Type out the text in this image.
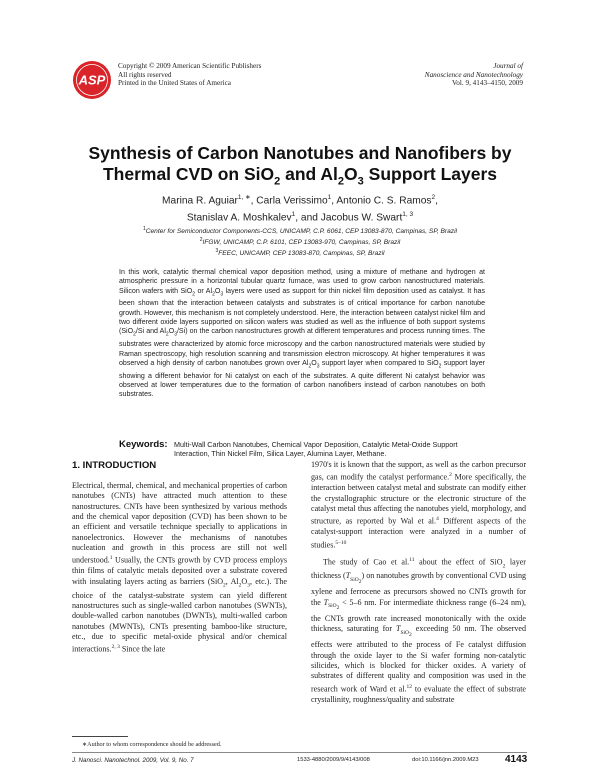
ASP
Copyright © 2009 American Scientific Publishers
All rights reserved
Printed in the United States of America
Journal of
Nanoscience and Nanotechnology
Vol. 9, 4143–4150, 2009
Synthesis of Carbon Nanotubes and Nanofibers by
Thermal CVD on SiO$_2$ and $Al_2O_3$ Support Layers
Marina R. Aguiar$^{1, ∗}$, Carla Verissimo$^1$, Antonio C. S. Ramos$^2$,
Stanislav A. Moshkalev$^1$, and Jacobus W. Swart$^{1, 3}$
$^1$Center for Semiconductor Components-CCS, UNICAMP, C.P. 6061, CEP 13083-870, Campinas, SP, Brazil
$^2$IFGW, UNICAMP, C.P. 6101, CEP 13083-970, Campinas, SP, Brazil
$^3$FEEC, UNICAMP, CEP 13083-870, Campinas, SP, Brazil
In this work, catalytic thermal chemical vapor deposition method, using a mixture of methane and hydrogen at atmospheric pressure in a horizontal tubular quartz furnace, was used to grow carbon nanostructured materials. Silicon wafers with SiO$_2$ or $Al_2O_3$ layers were used as support for thin nickel film deposition used as catalyst. It has been shown that the interaction between catalysts and substrates is of critical importance for carbon nanotube growth. However, this mechanism is not completely understood. Here, the interaction between catalyst nickel film and two different oxide layers supported on silicon wafers was studied as well as the influence of both support systems (SiO$_2$/Si and $Al_2O_3/Si$) on the carbon nanostructures growth at different temperatures and process running times. The substrates were characterized by atomic force microscopy and the carbon nanostructured materials were studied by Raman spectroscopy, high resolution scanning and transmission electron microscopy. At higher temperatures it was observed a high density of carbon nanotubes grown over $Al_2O_3$ support layer when compared to SiO$_2$ support layer showing a different behavior for Ni catalyst on each of the substrates. A quite different Ni catalyst behavior was observed at lower temperatures due to the formation of carbon nanofibers instead of carbon nanotubes on both substrates.
Keywords: Multi-Wall Carbon Nanotubes, Chemical Vapor Deposition, Catalytic Metal-Oxide Support Interaction, Thin Nickel Film, Silica Layer, Alumina Layer, Methane.
1. INTRODUCTION

Electrical, thermal, chemical, and mechanical properties of carbon nanotubes (CNTs) have attracted much attention to these nanostructures. CNTs have been synthesized by various methods and the chemical vapor deposition (CVD) has been shown to be an efficient and versatile technique specially to applications in nanoelectronics. However the mechanisms of nanotubes nucleation and growth in this process are still not well understood.$^1$ Usually, the CNTs growth by CVD process employs thin films of catalytic metals deposited over a substrate covered with insulating layers acting as barriers (SiO$_2$, $Al_2O_3$, etc.). The choice of the catalyst-substrate system can yield different nanostructures such as single-walled carbon nanotubes (SWNTs), double-walled carbon nanotubes (DWNTs), multi-walled carbon nanotubes (MWNTs), CNTs presenting bamboo-like structure, etc., due to specific metal-oxide physical and/or chemical interactions.$^{2, 3}$ Since the late

1970's it is known that the support, as well as the carbon precursor gas, can modify the catalyst performance.$^2$ More specifically, the interaction between catalyst metal and substrate can modify either the crystallographic structure or the electronic structure of the catalyst metal thus affecting the nanotubes yield, morphology, and structure, as reported by Wal et al.$^4$ Different aspects of the catalyst-support interaction were analyzed in a number of studies.$^{5-10}$

The study of Cao et al.$^{11}$ about the effect of SiO$_2$ layer thickness $(T_{SiO_2})$ on nanotubes growth by conventional CVD using xylene and ferrocene as precursors showed no CNTs growth for the $T_{SiO_2} < 5-6$ nm. For intermediate thickness range (6–24 nm), the CNTs growth rate increased monotonically with the oxide thickness, saturating for $T_{SiO_2}$ exceeding 50 nm. The observed effects were attributed to the process of Fe catalyst diffusion through the oxide layer to the Si wafer forming non-catalytic silicides, which is blocked for thicker oxides. A variety of substrates of different quality and composition was used in the research work of Ward et al.$^{12}$ to evaluate the effect of substrate crystallinity, roughness/quality and substrate

∗Author to whom correspondence should be addressed.
J. Nanosci. Nanotechnol. 2009, Vol. 9, No. 7	1533-4880/2009/9/4143/008	doi:10.1166/jnn.2009.M23	4143
